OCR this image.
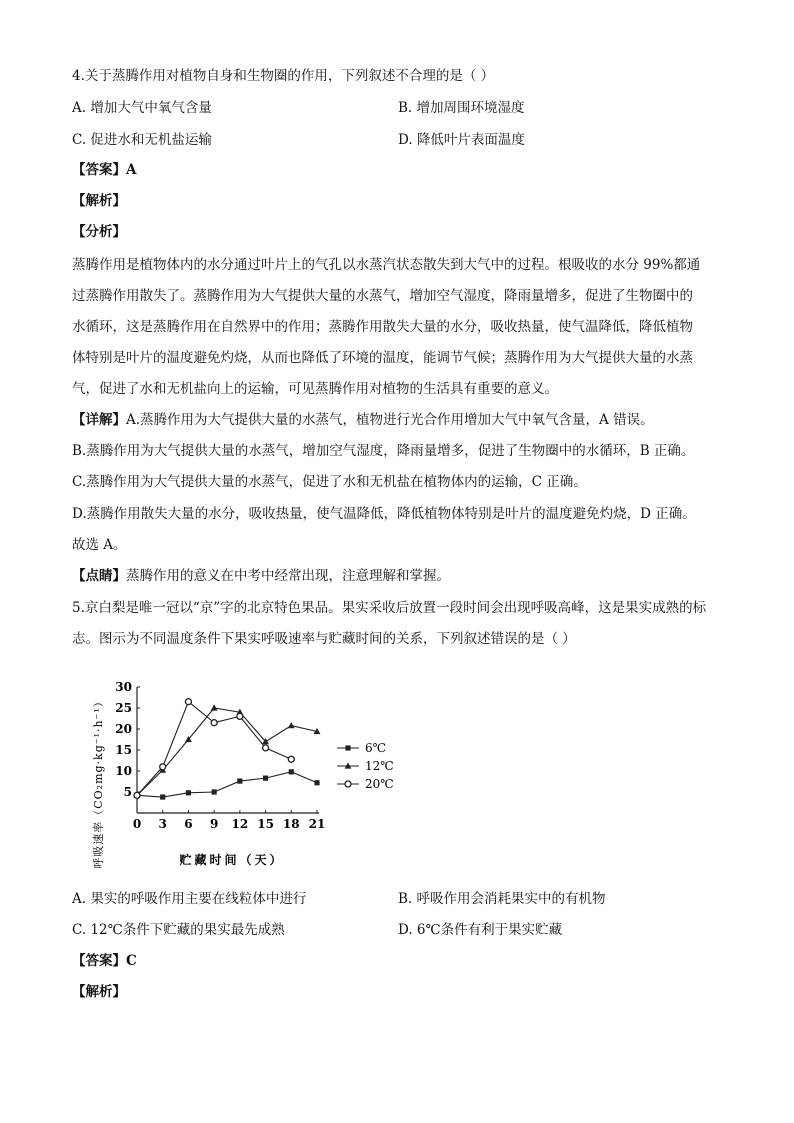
4.关于蒸腾作用对植物自身和生物圈的作用，下列叙述不合理的是（ ）
A. 增加大气中氧气含量	B. 增加周围环境湿度
C. 促进水和无机盐运输	D. 降低叶片表面温度
【答案】A
【解析】
【分析】
蒸腾作用是植物体内的水分通过叶片上的气孔以水蒸汽状态散失到大气中的过程。根吸收的水分 99%都通
过蒸腾作用散失了。蒸腾作用为大气提供大量的水蒸气，增加空气湿度，降雨量增多，促进了生物圈中的
水循环，这是蒸腾作用在自然界中的作用；蒸腾作用散失大量的水分，吸收热量，使气温降低，降低植物
体特别是叶片的温度避免灼烧，从而也降低了环境的温度，能调节气候；蒸腾作用为大气提供大量的水蒸
气，促进了水和无机盐向上的运输，可见蒸腾作用对植物的生活具有重要的意义。
【详解】A.蒸腾作用为大气提供大量的水蒸气，植物进行光合作用增加大气中氧气含量，A 错误。
B.蒸腾作用为大气提供大量的水蒸气，增加空气湿度，降雨量增多，促进了生物圈中的水循环，B 正确。
C.蒸腾作用为大气提供大量的水蒸气，促进了水和无机盐在植物体内的运输，C 正确。
D.蒸腾作用散失大量的水分，吸收热量，使气温降低，降低植物体特别是叶片的温度避免灼烧，D 正确。
故选 A。
【点睛】蒸腾作用的意义在中考中经常出现，注意理解和掌握。
5.京白梨是唯一冠以“京”字的北京特色果品。果实采收后放置一段时间会出现呼吸高峰，这是果实成熟的标
志。图示为不同温度条件下果实呼吸速率与贮藏时间的关系，下列叙述错误的是（ ）
0 3 6 9 12 15 18 21
5
10
15
20
25
30
6℃
12℃
20℃
呼吸速率（CO₂mg·kg⁻¹·h⁻¹）	贮藏时间（天）
A. 果实的呼吸作用主要在线粒体中进行	B. 呼吸作用会消耗果实中的有机物
C. 12℃条件下贮藏的果实最先成熟	D. 6℃条件有利于果实贮藏
【答案】C
【解析】
